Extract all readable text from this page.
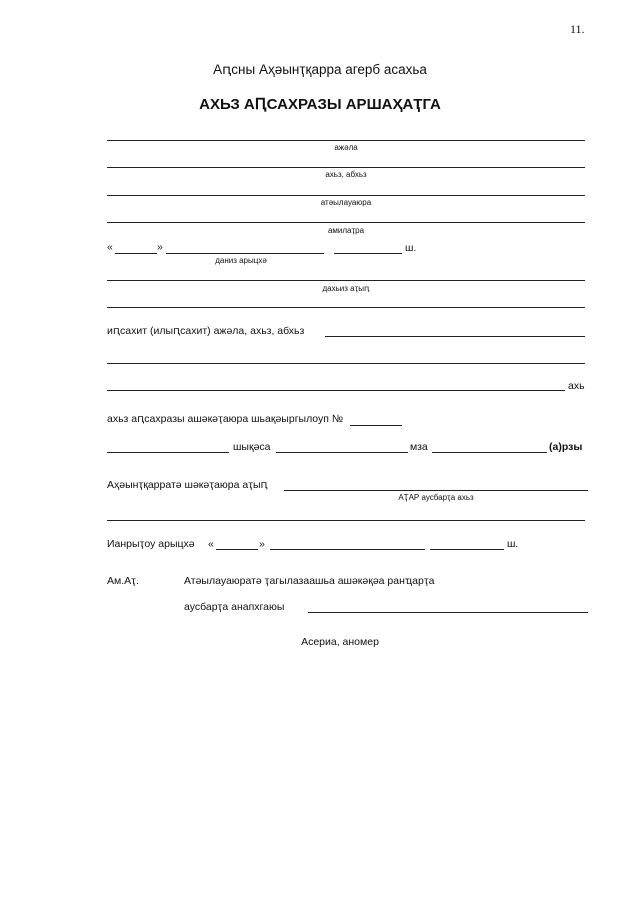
11.
Аԥсны Аҳәынҭқарра агерб асахьа
АХЬЗ АԤСАХРАЗЫ АРШАҲАҬГА
ажәла
ахьз, абхьз
атәылауаюра
амилаҭра
«	»	ш.
даниз арыцхә
дахьиз аҭыԥ
иԥсахит (илыԥсахит) ажәла, ахьз, абхьз
ахь
ахьз аԥсахразы ашәкәҭаюра шьақәыргылоуп №
шықәса	мза	(а)рзы
Аҳәынҭқарратә шәкәҭаюра аҭыԥ
АҬАР аусбарҭа ахьз
Ианрыҭоу арыцхә «	»	ш.
Ам.Аҭ.	Атәылауаюратә ҭагылазаашьа ашәкәқәа ранҵарҭа
аусбарҭа анапхгаюы
Асериа, аномер
